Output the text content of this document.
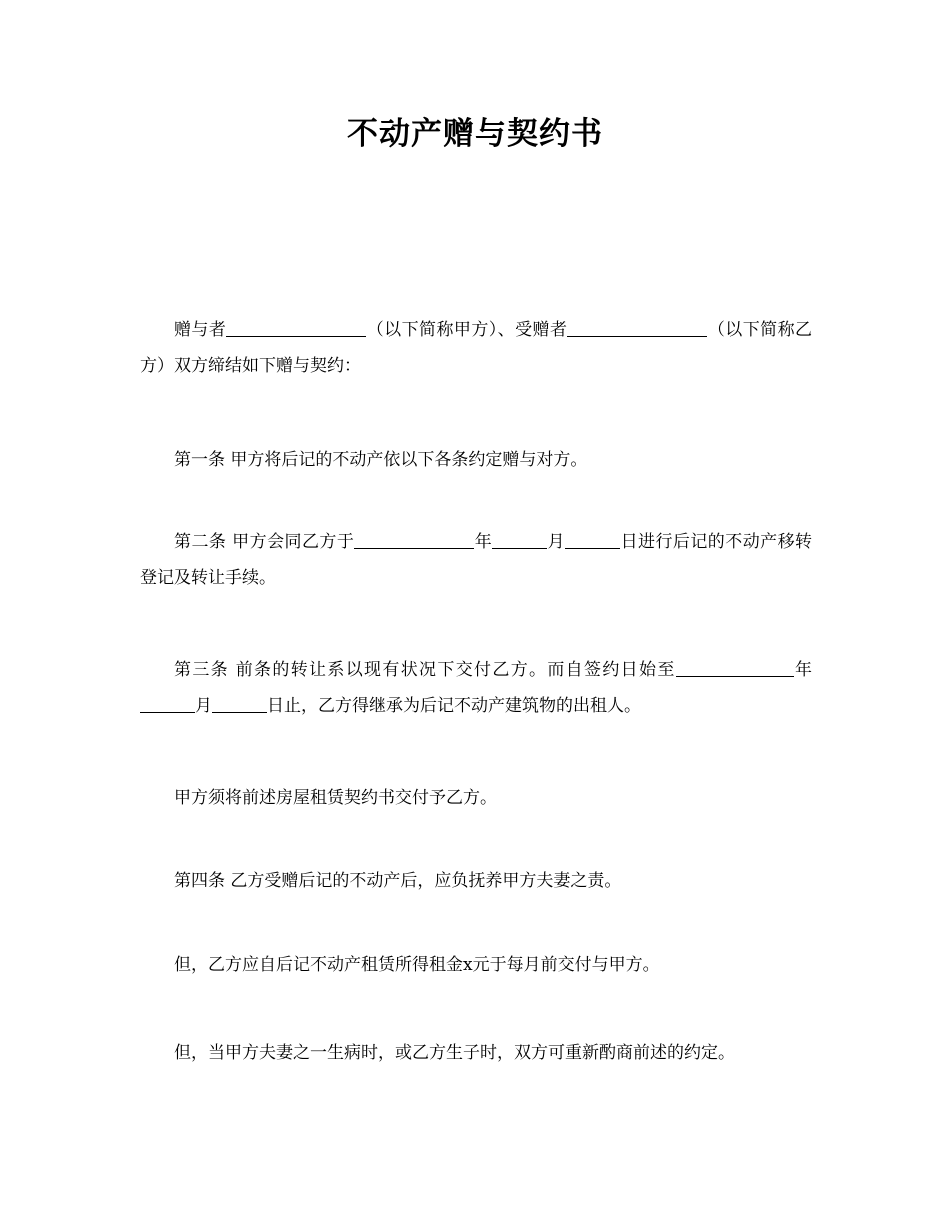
不动产赠与契约书
赠与者	（以下简称甲方）、受赠者	（以下简称乙方）双方缔结如下赠与契约：
第一条 甲方将后记的不动产依以下各条约定赠与对方。
第二条 甲方会同乙方于	年	月	日进行后记的不动产移转登记及转让手续。
第三条 前条的转让系以现有状况下交付乙方。而自签约日始至	年月	日止，乙方得继承为后记不动产建筑物的出租人。
甲方须将前述房屋租赁契约书交付予乙方。
第四条 乙方受赠后记的不动产后，应负抚养甲方夫妻之责。
但，乙方应自后记不动产租赁所得租金x元于每月前交付与甲方。
但，当甲方夫妻之一生病时，或乙方生子时，双方可重新酌商前述的约定。
